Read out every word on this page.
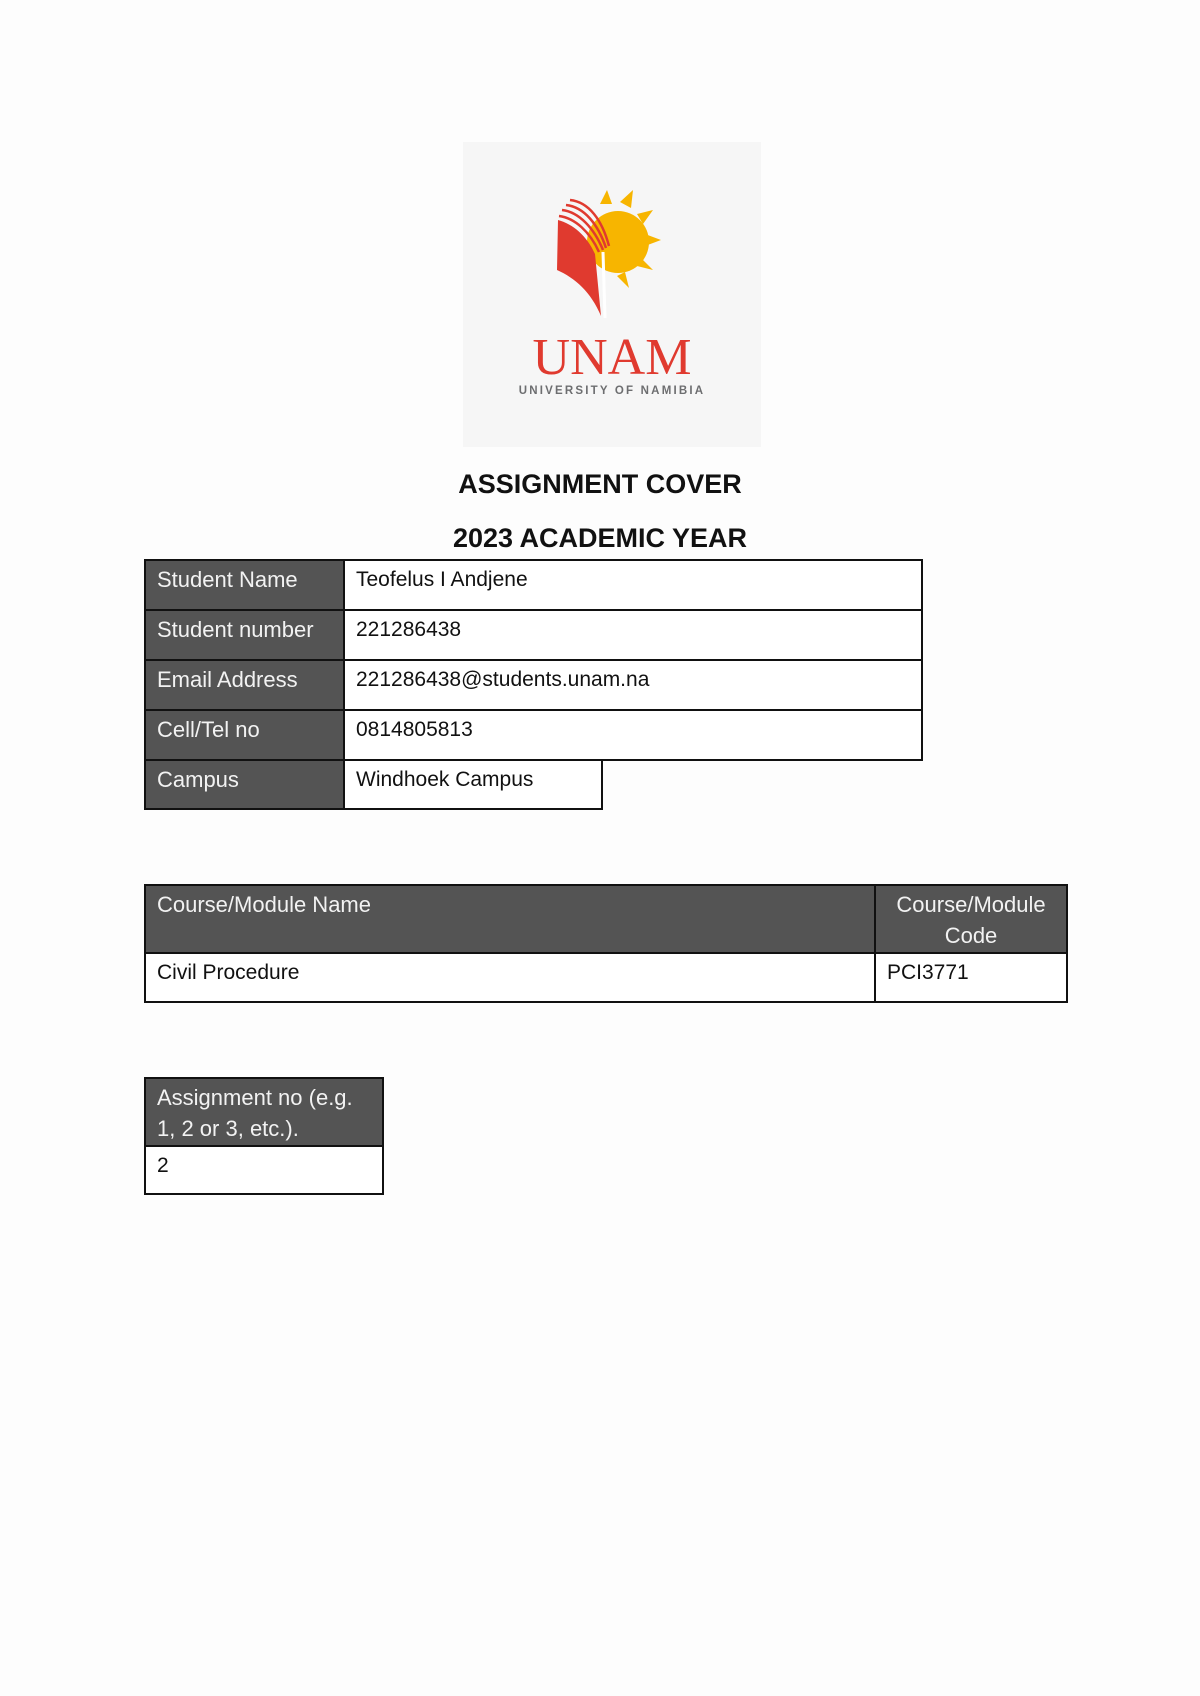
UNAM
UNIVERSITY OF NAMIBIA
ASSIGNMENT COVER
2023 ACADEMIC YEAR
Student Name	Teofelus I Andjene
Student number	221286438
Email Address	221286438@students.unam.na
Cell/Tel no	0814805813
Campus	Windhoek Campus
Course/Module Name	Course/Module Code
Civil Procedure	PCI3771
Assignment no (e.g. 1, 2 or 3, etc.).
2
